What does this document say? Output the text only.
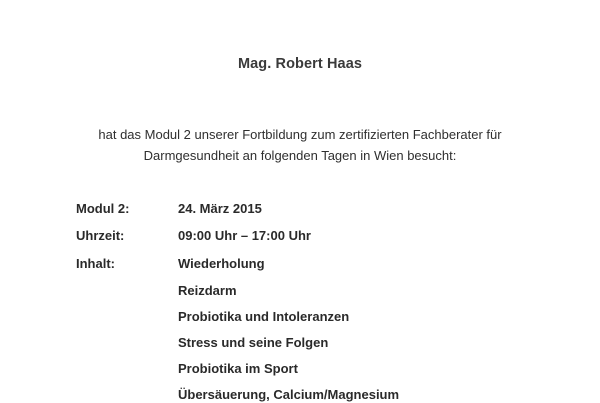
Mag. Robert Haas
hat das Modul 2 unserer Fortbildung zum zertifizierten Fachberater für
Darmgesundheit an folgenden Tagen in Wien besucht:
Modul 2:	24. März 2015
Uhrzeit:	09:00 Uhr – 17:00 Uhr
Inhalt:	Wiederholung
Reizdarm
Probiotika und Intoleranzen
Stress und seine Folgen
Probiotika im Sport
Übersäuerung, Calcium/Magnesium
